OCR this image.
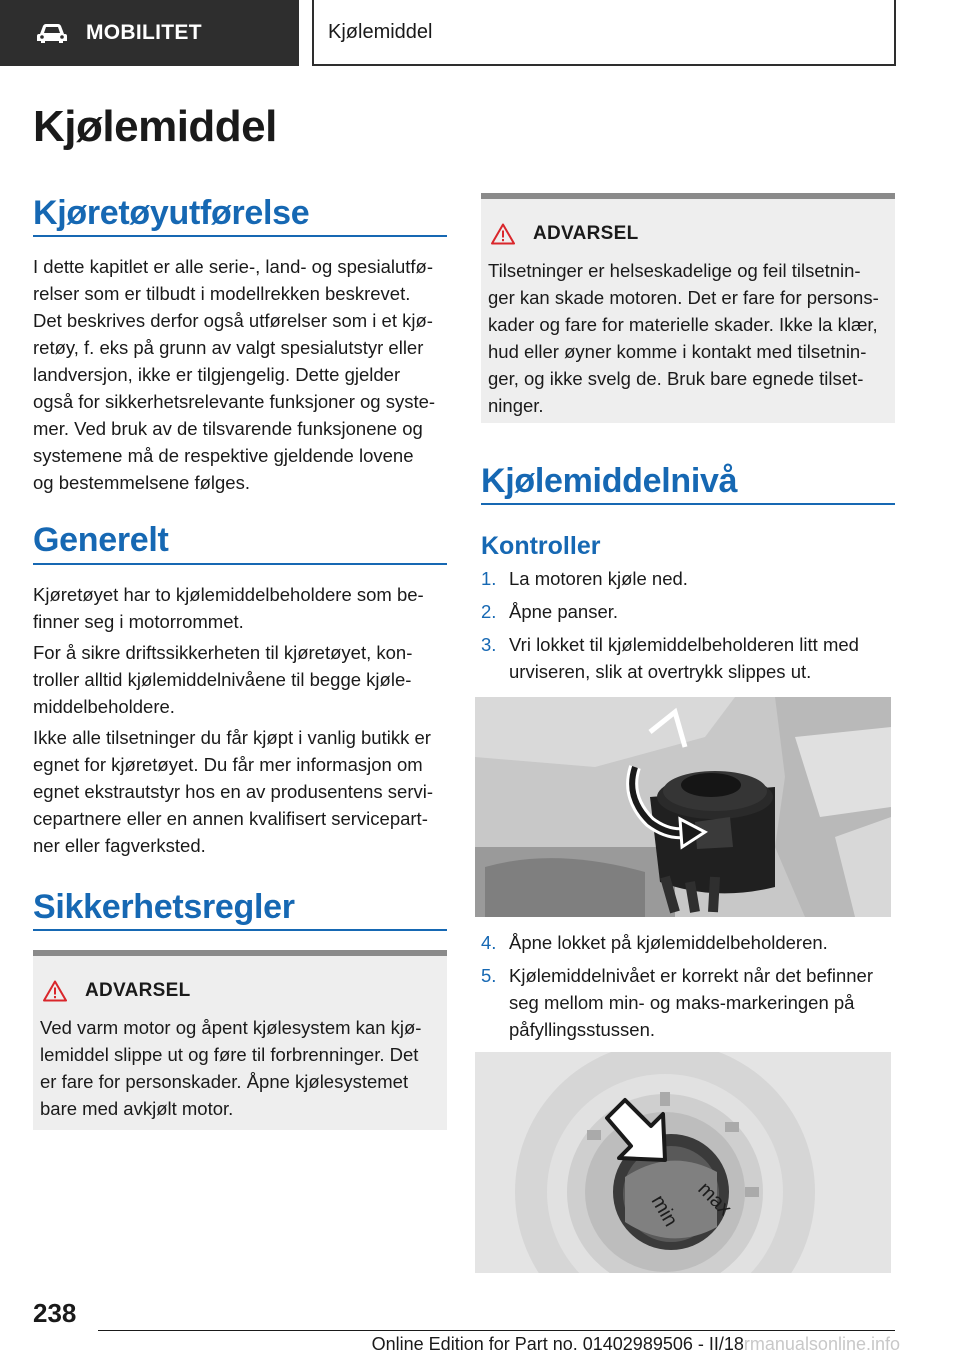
MOBILITET	Kjølemiddel
Kjølemiddel
Kjøretøyutførelse

I dette kapitlet er alle serie-, land- og spesialutfø-
relser som er tilbudt i modellrekken beskrevet.
Det beskrives derfor også utførelser som i et kjø-
retøy, f. eks på grunn av valgt spesialutstyr eller
landversjon, ikke er tilgjengelig. Dette gjelder
også for sikkerhetsrelevante funksjoner og syste-
mer. Ved bruk av de tilsvarende funksjonene og
systemene må de respektive gjeldende lovene
og bestemmelsene følges.

Generelt

Kjøretøyet har to kjølemiddelbeholdere som be-
finner seg i motorrommet.

For å sikre driftssikkerheten til kjøretøyet, kon-
troller alltid kjølemiddelnivåene til begge kjøle-
middelbeholdere.

Ikke alle tilsetninger du får kjøpt i vanlig butikk er
egnet for kjøretøyet. Du får mer informasjon om
egnet ekstrautstyr hos en av produsentens servi-
cepartnere eller en annen kvalifisert servicepart-
ner eller fagverksted.

Sikkerhetsregler
ADVARSEL

Ved varm motor og åpent kjølesystem kan kjø-
lemiddel slippe ut og føre til forbrenninger. Det
er fare for personskader. Åpne kjølesystemet
bare med avkjølt motor.

ADVARSEL

Tilsetninger er helseskadelige og feil tilsetnin-
ger kan skade motoren. Det er fare for persons-
kader og fare for materielle skader. Ikke la klær,
hud eller øyner komme i kontakt med tilsetnin-
ger, og ikke svelg de. Bruk bare egnede tilset-
ninger.

Kjølemiddelnivå
Kontroller
1. La motoren kjøle ned.
2. Åpne panser.
3. Vri lokket til kjølemiddelbeholderen litt med
urviseren, slik at overtrykk slippes ut.
4. Åpne lokket på kjølemiddelbeholderen.
5. Kjølemiddelnivået er korrekt når det befinner
seg mellom min- og maks-markeringen på
påfyllingsstussen.
max
min
238
Online Edition for Part no. 01402989506 - II/18rmanualsonline.info
